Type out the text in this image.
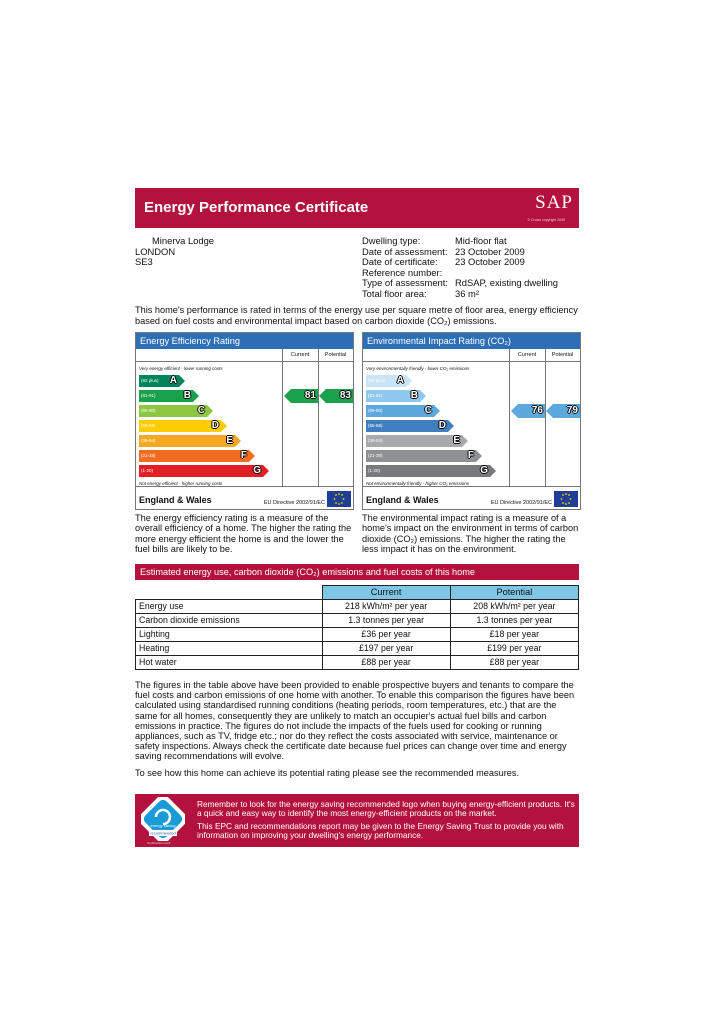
Energy Performance Certificate	SAP
© Crown copyright 2009
Minerva Lodge
LONDON
SE3
Dwelling type:	Mid-floor flat
Date of assessment: 23 October 2009
Date of certificate:	23 October 2009
Reference number:
Type of assessment: RdSAP, existing dwelling
Total floor area:	36 m²
This home's performance is rated in terms of the energy use per square metre of floor area, energy efficiency based on fuel costs and environmental impact based on carbon dioxide (CO₂) emissions.
Energy Efficiency Rating
Current	Potential
Very energy efficient - lower running costs
Not energy efficient - higher running costs
(92 plus) A
(81-91)	B
(69-80)	C
(55-68)	D
(39-54)	E
(21-38)	F
(1-20)	G
81	83
England & Wales	EU Directive 2002/91/EC
Environmental Impact Rating (CO₂)
Current	Potential
Very environmentally friendly - lower CO₂ emissions
Not environmentally friendly - higher CO₂ emissions
(92 plus) A
(81-91)	B
(69-80)	C
(55-68)	D
(39-54)	E
(21-38)	F
(1-20)	G
76	79
England & Wales	EU Directive 2002/91/EC
The energy efficiency rating is a measure of the overall efficiency of a home. The higher the rating the more energy efficient the home is and the lower the fuel bills are likely to be.
The environmental impact rating is a measure of a home's impact on the environment in terms of carbon dioxide (CO₂) emissions. The higher the rating the less impact it has on the environment.
Estimated energy use, carbon dioxide (CO₂) emissions and fuel costs of this home
	Current	Potential
Energy use	218 kWh/m² per year	208 kWh/m² per year
Carbon dioxide emissions	1.3 tonnes per year	1.3 tonnes per year
Lighting	£36 per year	£18 per year
Heating	£197 per year	£199 per year
Hot water	£88 per year	£88 per year
The figures in the table above have been provided to enable prospective buyers and tenants to compare the fuel costs and carbon emissions of one home with another. To enable this comparison the figures have been calculated using standardised running conditions (heating periods, room temperatures, etc.) that are the same for all homes, consequently they are unlikely to match an occupier's actual fuel bills and carbon emissions in practice. The figures do not include the impacts of the fuels used for cooking or running appliances, such as TV, fridge etc.; nor do they reflect the costs associated with service, maintenance or safety inspections. Always check the certificate date because fuel prices can change over time and energy saving recommendations will evolve.
To see how this home can achieve its potential rating please see the recommended measures.
energy saving
recommended
Certification mark
Remember to look for the energy saving recommended logo when buying energy-efficient products. It's a quick and easy way to identify the most energy-efficient products on the market.
This EPC and recommendations report may be given to the Energy Saving Trust to provide you with information on improving your dwelling's energy performance.
